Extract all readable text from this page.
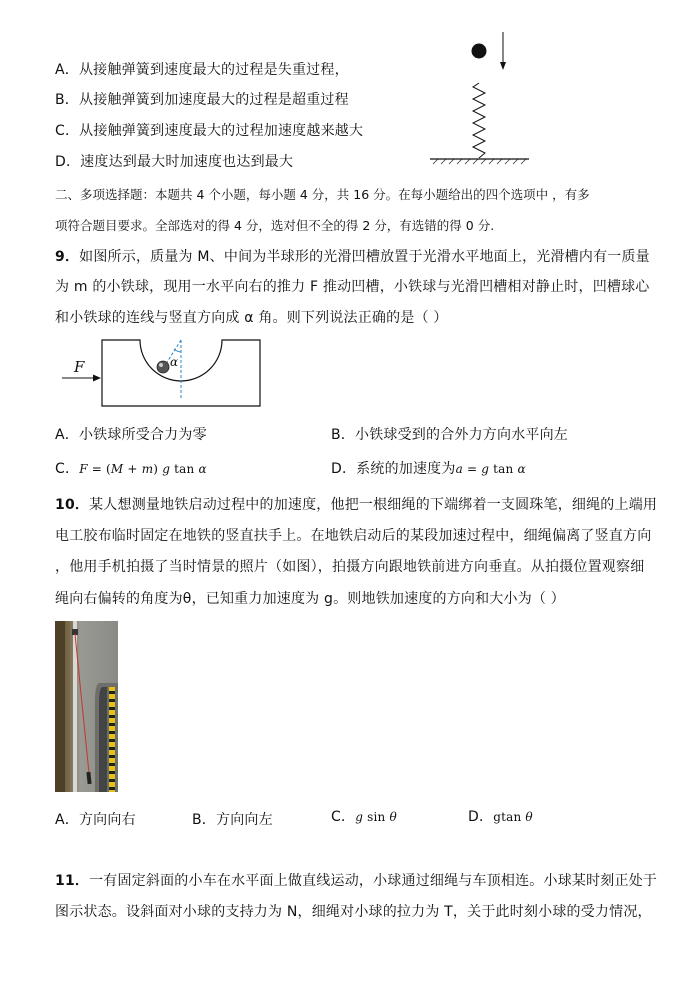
A．从接触弹簧到速度最大的过程是失重过程，
B．从接触弹簧到加速度最大的过程是超重过程
C．从接触弹簧到速度最大的过程加速度越来越大
D．速度达到最大时加速度也达到最大
二、多项选择题：本题共 4 个小题，每小题 4 分，共 16 分。在每小题给出的四个选项中 ，有多
项符合题目要求。全部选对的得 4 分，选对但不全的得 2 分，有选错的得 0 分.
9．如图所示，质量为 M、中间为半球形的光滑凹槽放置于光滑水平地面上，光滑槽内有一质量
为 m 的小铁球，现用一水平向右的推力 F 推动凹槽，小铁球与光滑凹槽相对静止时，凹槽球心
和小铁球的连线与竖直方向成 α 角。则下列说法正确的是（ ）
α
F
A．小铁球所受合力为零	B．小铁球受到的合外力方向水平向左
C．F = (M + m) g tan α	D．系统的加速度为a = g tan α
10．某人想测量地铁启动过程中的加速度，他把一根细绳的下端绑着一支圆珠笔，细绳的上端用
电工胶布临时固定在地铁的竖直扶手上。在地铁启动后的某段加速过程中，细绳偏离了竖直方向
，他用手机拍摄了当时情景的照片（如图），拍摄方向跟地铁前进方向垂直。从拍摄位置观察细
绳向右偏转的角度为θ，已知重力加速度为 g。则地铁加速度的方向和大小为（ ）
A．方向向右	B．方向向左	C．g sin θ	D．gtan θ
11．一有固定斜面的小车在水平面上做直线运动，小球通过细绳与车顶相连。小球某时刻正处于
图示状态。设斜面对小球的支持力为 N，细绳对小球的拉力为 T，关于此时刻小球的受力情况，
